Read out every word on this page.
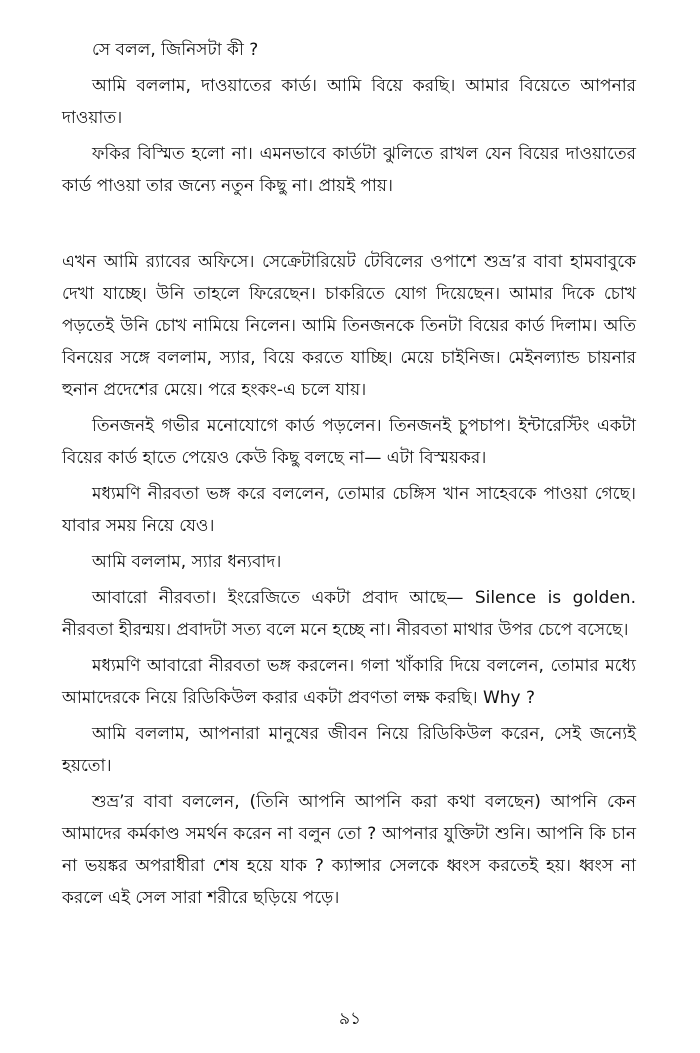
সে বলল, জিনিসটা কী ?

আমি বললাম, দাওয়াতের কার্ড। আমি বিয়ে করছি। আমার বিয়েতে আপনার দাওয়াত।

ফকির বিস্মিত হলো না। এমনভাবে কার্ডটা ঝুলিতে রাখল যেন বিয়ের দাওয়াতের কার্ড পাওয়া তার জন্যে নতুন কিছু না। প্রায়ই পায়।

এখন আমি র‍্যাবের অফিসে। সেক্রেটারিয়েট টেবিলের ওপাশে শুভ্র’র বাবা হামবাবুকে দেখা যাচ্ছে। উনি তাহলে ফিরেছেন। চাকরিতে যোগ দিয়েছেন। আমার দিকে চোখ পড়তেই উনি চোখ নামিয়ে নিলেন। আমি তিনজনকে তিনটা বিয়ের কার্ড দিলাম। অতি বিনয়ের সঙ্গে বললাম, স্যার, বিয়ে করতে যাচ্ছি। মেয়ে চাইনিজ। মেইনল্যান্ড চায়নার হুনান প্রদেশের মেয়ে। পরে হংকং-এ চলে যায়।

তিনজনই গভীর মনোযোগে কার্ড পড়লেন। তিনজনই চুপচাপ। ইন্টারেস্টিং একটা বিয়ের কার্ড হাতে পেয়েও কেউ কিছু বলছে না— এটা বিস্ময়কর।

মধ্যমণি নীরবতা ভঙ্গ করে বললেন, তোমার চেঙ্গিস খান সাহেবকে পাওয়া গেছে। যাবার সময় নিয়ে যেও।

আমি বললাম, স্যার ধন্যবাদ।

আবারো নীরবতা। ইংরেজিতে একটা প্রবাদ আছে— Silence is golden. নীরবতা হীরন্ময়। প্রবাদটা সত্য বলে মনে হচ্ছে না। নীরবতা মাথার উপর চেপে বসেছে।

মধ্যমণি আবারো নীরবতা ভঙ্গ করলেন। গলা খাঁকারি দিয়ে বললেন, তোমার মধ্যে আমাদেরকে নিয়ে রিডিকিউল করার একটা প্রবণতা লক্ষ করছি। Why ?

আমি বললাম, আপনারা মানুষের জীবন নিয়ে রিডিকিউল করেন, সেই জন্যেই হয়তো।

শুভ্র’র বাবা বললেন, (তিনি আপনি আপনি করা কথা বলছেন) আপনি কেন আমাদের কর্মকাণ্ড সমর্থন করেন না বলুন তো ? আপনার যুক্তিটা শুনি। আপনি কি চান না ভয়ঙ্কর অপরাধীরা শেষ হয়ে যাক ? ক্যান্সার সেলকে ধ্বংস করতেই হয়। ধ্বংস না করলে এই সেল সারা শরীরে ছড়িয়ে পড়ে।

৯১
